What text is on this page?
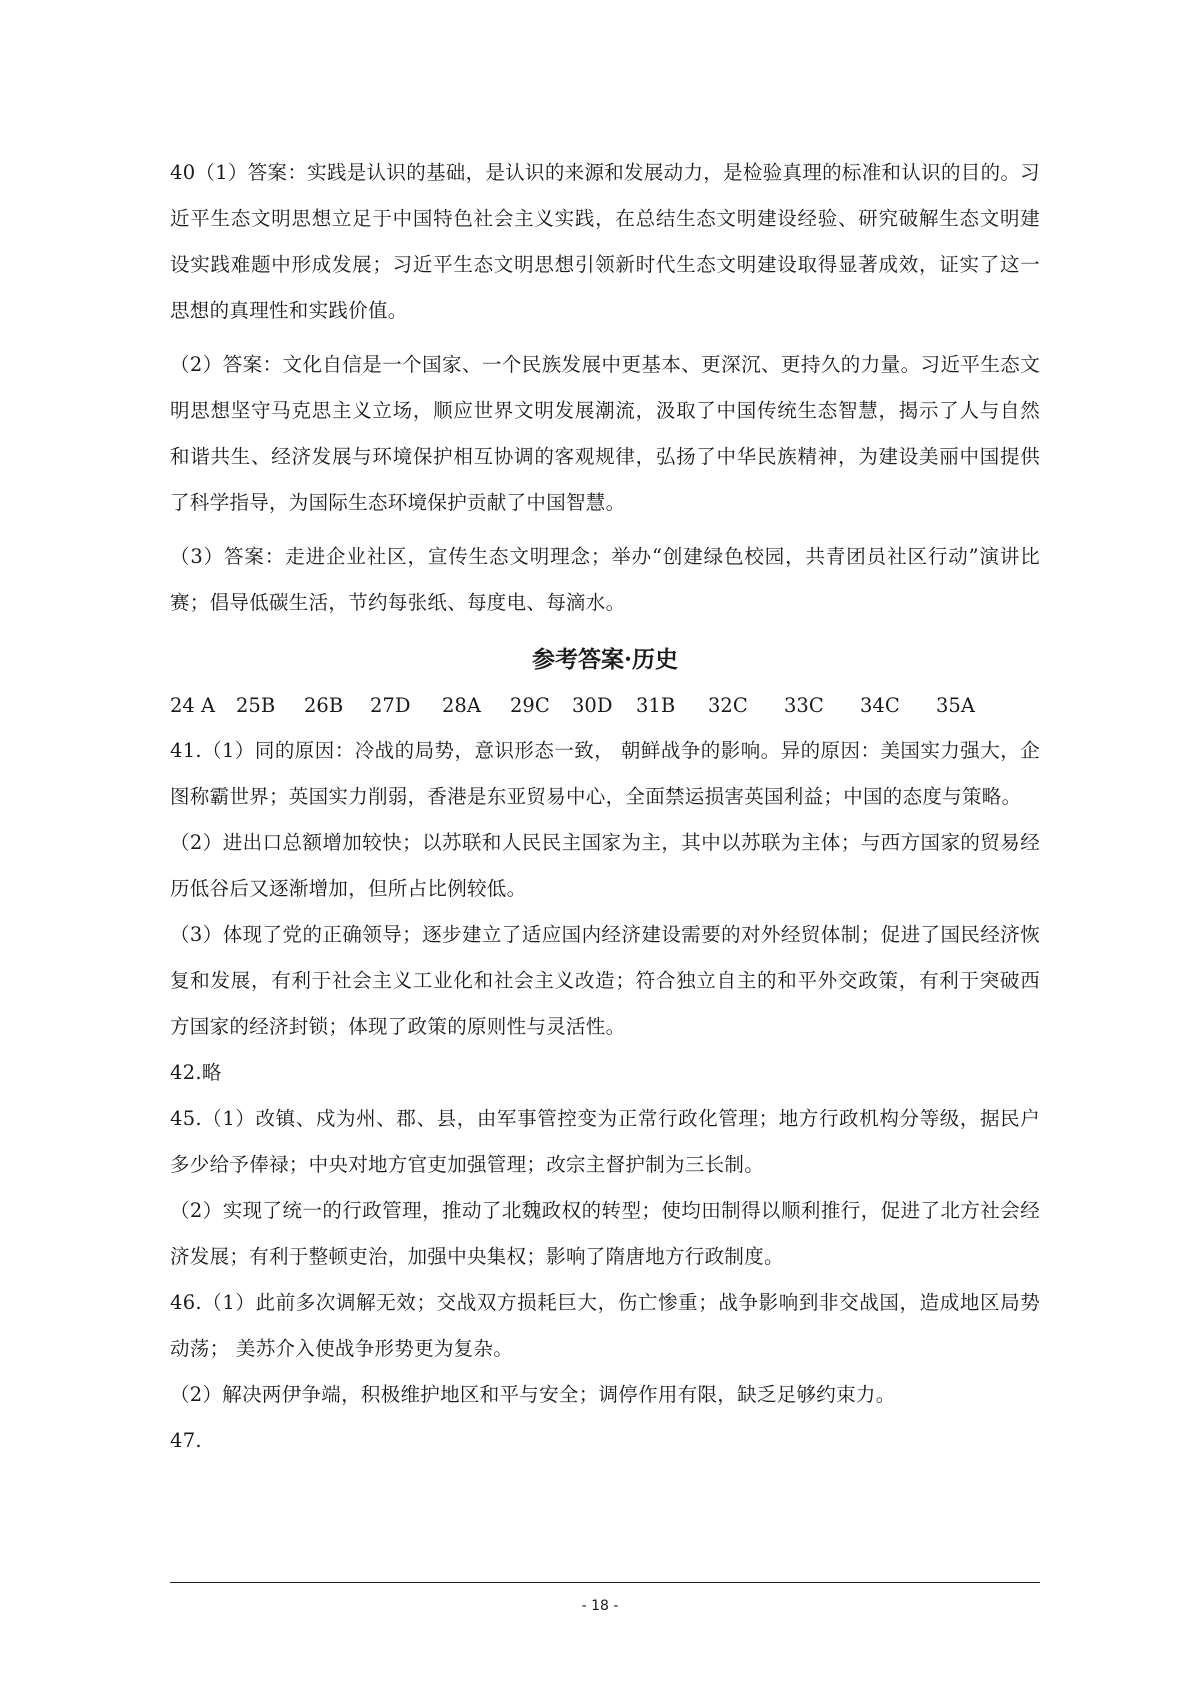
40（1）答案：实践是认识的基础，是认识的来源和发展动力，是检验真理的标准和认识的目的。习近平生态文明思想立足于中国特色社会主义实践，在总结生态文明建设经验、研究破解生态文明建设实践难题中形成发展；习近平生态文明思想引领新时代生态文明建设取得显著成效，证实了这一思想的真理性和实践价值。

（2）答案：文化自信是一个国家、一个民族发展中更基本、更深沉、更持久的力量。习近平生态文明思想坚守马克思主义立场，顺应世界文明发展潮流，汲取了中国传统生态智慧，揭示了人与自然和谐共生、经济发展与环境保护相互协调的客观规律，弘扬了中华民族精神，为建设美丽中国提供了科学指导，为国际生态环境保护贡献了中国智慧。

（3）答案：走进企业社区，宣传生态文明理念；举办“创建绿色校园，共青团员社区行动”演讲比赛；倡导低碳生活，节约每张纸、每度电、每滴水。

参考答案·历史
24 A	25B	26B	27D	28A	29C	30D	31B	32C	33C	34C	35A

41.（1）同的原因：冷战的局势，意识形态一致， 朝鲜战争的影响。异的原因：美国实力强大，企图称霸世界；英国实力削弱，香港是东亚贸易中心，全面禁运损害英国利益；中国的态度与策略。

（2）进出口总额增加较快；以苏联和人民民主国家为主，其中以苏联为主体；与西方国家的贸易经历低谷后又逐渐增加，但所占比例较低。

（3）体现了党的正确领导；逐步建立了适应国内经济建设需要的对外经贸体制；促进了国民经济恢复和发展，有利于社会主义工业化和社会主义改造；符合独立自主的和平外交政策，有利于突破西方国家的经济封锁；体现了政策的原则性与灵活性。

42.略

45.（1）改镇、戍为州、郡、县，由军事管控变为正常行政化管理；地方行政机构分等级，据民户多少给予俸禄；中央对地方官吏加强管理；改宗主督护制为三长制。

（2）实现了统一的行政管理，推动了北魏政权的转型；使均田制得以顺利推行，促进了北方社会经济发展；有利于整顿吏治，加强中央集权；影响了隋唐地方行政制度。

46.（1）此前多次调解无效；交战双方损耗巨大，伤亡惨重；战争影响到非交战国，造成地区局势动荡； 美苏介入使战争形势更为复杂。

（2）解决两伊争端，积极维护地区和平与安全；调停作用有限，缺乏足够约束力。

47.

- 18 -
